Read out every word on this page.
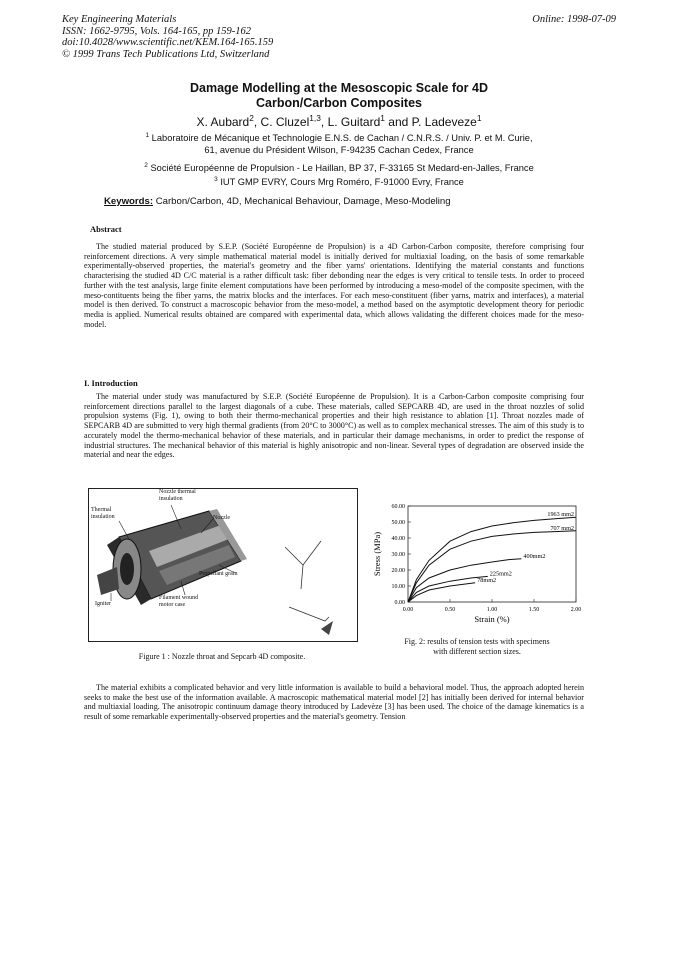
Key Engineering Materials
ISSN: 1662-9795, Vols. 164-165, pp 159-162
doi:10.4028/www.scientific.net/KEM.164-165.159
© 1999 Trans Tech Publications Ltd, Switzerland
Online: 1998-07-09
Damage Modelling at the Mesoscopic Scale for 4D
Carbon/Carbon Composites
X. Aubard$^2$, C. Cluzel$^{1,3}$, L. Guitard$^1$ and P. Ladeveze$^1$
$^1$ Laboratoire de Mécanique et Technologie E.N.S. de Cachan / C.N.R.S. / Univ. P. et M. Curie,
61, avenue du Président Wilson, F-94235 Cachan Cedex, France
$^2$ Société Européenne de Propulsion - Le Haillan, BP 37, F-33165 St Medard-en-Jalles, France
$^3$ IUT GMP EVRY, Cours Mrg Roméro, F-91000 Evry, France
Keywords: Carbon/Carbon, 4D, Mechanical Behaviour, Damage, Meso-Modeling
Abstract
The studied material produced by S.E.P. (Société Européenne de Propulsion) is a 4D Carbon-Carbon composite, therefore comprising four reinforcement directions. A very simple mathematical material model is initially derived for multiaxial loading, on the basis of some remarkable experimentally-observed properties, the material's geometry and the fiber yarns' orientations. Identifying the material constants and functions characterising the studied 4D C/C material is a rather difficult task: fiber debonding near the edges is very critical to tensile tests. In order to proceed further with the test analysis, large finite element computations have been performed by introducing a meso-model of the composite specimen, with the meso-contituents being the fiber yarns, the matrix blocks and the interfaces. For each meso-constituent (fiber yarns, matrix and interfaces), a material model is then derived. To construct a macroscopic behavior from the meso-model, a method based on the asymptotic development theory for periodic media is applied. Numerical results obtained are compared with experimental data, which allows validating the different choices made for the meso-model.
I. Introduction
The material under study was manufactured by S.E.P. (Société Européenne de Propulsion). It is a Carbon-Carbon composite comprising four reinforcement directions parallel to the largest diagonals of a cube. These materials, called SEPCARB 4D, are used in the throat nozzles of solid propulsion systems (Fig. 1), owing to both their thermo-mechanical properties and their high resistance to ablation [1]. Throat nozzles made of SEPCARB 4D are submitted to very high thermal gradients (from 20°C to 3000°C) as well as to complex mechanical stresses. The aim of this study is to accurately model the thermo-mechanical behavior of these materials, and in particular their damage mechanisms, in order to predict the response of industrial structures. The mechanical behavior of this material is highly anisotropic and non-linear. Several types of degradation are observed inside the material and near the edges.
Nozzle thermal insulation
Thermal insulation	Nozzle
Propellant grain
Filament wound motor case
Igniter
Figure 1 : Nozzle throat and Sepcarb 4D composite.
0.00
10.00
20.00
30.00
40.00
50.00
60.00
0.00	0.50	1.00	1.50	2.00
Strain (%)
Stress (MPa)
1963 mm2
707 mm2
400mm2
225mm2
78mm2
Fig. 2: results of tension tests with specimens
with different section sizes.
The material exhibits a complicated behavior and very little information is available to build a behavioral model. Thus, the approach adopted herein seeks to make the best use of the information available. A macroscopic mathematical material model [2] has initially been derived for internal behavior and multiaxial loading. The anisotropic continuum damage theory introduced by Ladevèze [3] has been used. The choice of the damage kinematics is a result of some remarkable experimentally-observed properties and the material's geometry. Tension
